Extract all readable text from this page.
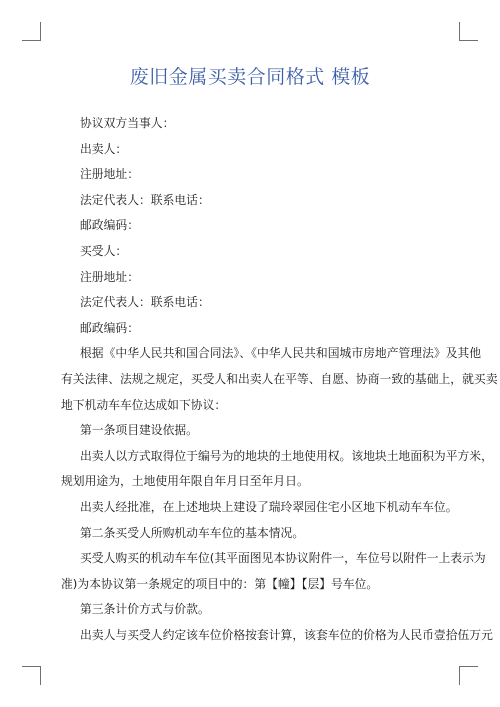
废旧金属买卖合同格式 模板

协议双方当事人：

出卖人：

注册地址：

法定代表人：联系电话：

邮政编码：

买受人：

注册地址：

法定代表人：联系电话：

邮政编码：

根据《中华人民共和国合同法》、《中华人民共和国城市房地产管理法》及其他
有关法律、法规之规定，买受人和出卖人在平等、自愿、协商一致的基础上，就买卖
地下机动车车位达成如下协议：

第一条项目建设依据。

出卖人以方式取得位于编号为的地块的土地使用权。该地块土地面积为平方米，
规划用途为，土地使用年限自年月日至年月日。

出卖人经批准，在上述地块上建设了瑞玲翠园住宅小区地下机动车车位。

第二条买受人所购机动车车位的基本情况。

买受人购买的机动车车位(其平面图见本协议附件一，车位号以附件一上表示为
准)为本协议第一条规定的项目中的：第【幢】【层】号车位。

第三条计价方式与价款。

出卖人与买受人约定该车位价格按套计算，该套车位的价格为人民币壹拾伍万元
